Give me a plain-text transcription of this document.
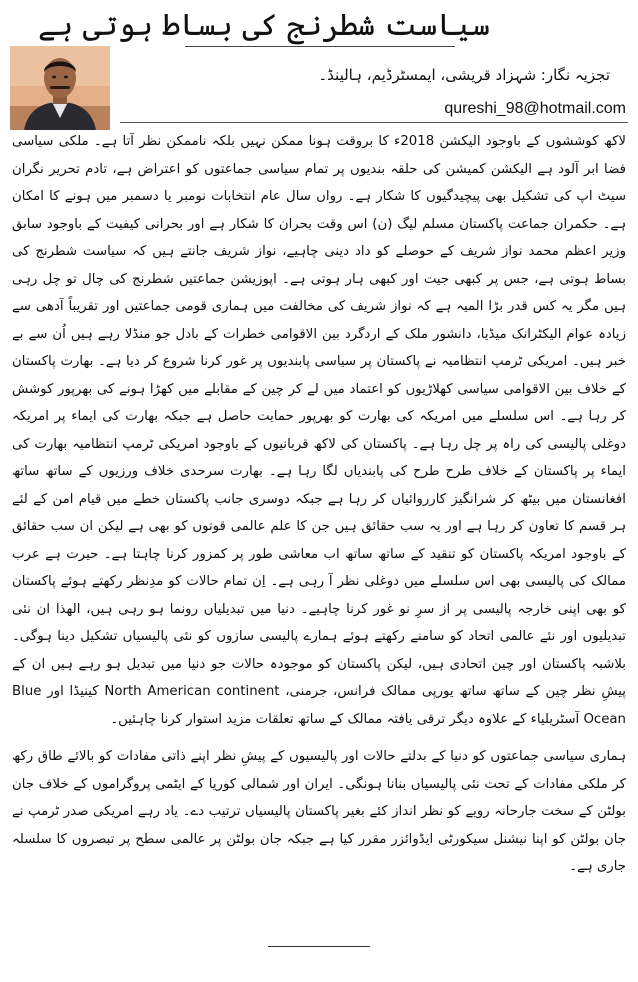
سیاست شطرنج کی بساط ہوتی ہے
تجزیہ نگار: شہزاد قریشی، ایمسٹرڈیم، ہالینڈ۔
qureshi_98@hotmail.com

لاکھ کوششوں کے باوجود الیکشن 2018ء کا بروقت ہونا ممکن نہیں بلکہ ناممکن نظر آتا ہے۔ ملکی سیاسی فضا ابر آلود ہے الیکشن کمیشن کی حلقہ بندیوں پر تمام سیاسی جماعتوں کو اعتراض ہے، تادم تحریر نگران سیٹ اپ کی تشکیل بھی پیچیدگیوں کا شکار ہے۔ رواں سال عام انتخابات نومبر یا دسمبر میں ہونے کا امکان ہے۔ حکمران جماعت پاکستان مسلم لیگ (ن) اس وقت بحران کا شکار ہے اور بحرانی کیفیت کے باوجود سابق وزیر اعظم محمد نواز شریف کے حوصلے کو داد دینی چاہیے، نواز شریف جانتے ہیں کہ سیاست شطرنج کی بساط ہوتی ہے، جس پر کبھی جیت اور کبھی ہار ہوتی ہے۔ اپوزیشن جماعتیں شطرنج کی چال تو چل رہی ہیں مگر یہ کس قدر بڑا المیہ ہے کہ نواز شریف کی مخالفت میں ہماری قومی جماعتیں اور تقریباً آدھی سے زیادہ عوام الیکٹرانک میڈیا، دانشور ملک کے اردگرد بین الاقوامی خطرات کے بادل جو منڈلا رہے ہیں اُن سے بے خبر ہیں۔ امریکی ٹرمپ انتظامیہ نے پاکستان پر سیاسی پابندیوں پر غور کرنا شروع کر دیا ہے۔ بھارت پاکستان کے خلاف بین الاقوامی سیاسی کھلاڑیوں کو اعتماد میں لے کر چین کے مقابلے میں کھڑا ہونے کی بھرپور کوشش کر رہا ہے۔ اس سلسلے میں امریکہ کی بھارت کو بھرپور حمایت حاصل ہے جبکہ بھارت کی ایماء پر امریکہ دوغلی پالیسی کی راہ پر چل رہا ہے۔ پاکستان کی لاکھ قربانیوں کے باوجود امریکی ٹرمپ انتظامیہ بھارت کی ایماء پر پاکستان کے خلاف طرح طرح کی پابندیاں لگا رہا ہے۔ بھارت سرحدی خلاف ورزیوں کے ساتھ ساتھ افغانستان میں بیٹھ کر شرانگیز کارروائیاں کر رہا ہے جبکہ دوسری جانب پاکستان خطے میں قیام امن کے لئے ہر قسم کا تعاون کر رہا ہے اور یہ سب حقائق ہیں جن کا علم عالمی قوتوں کو بھی ہے لیکن ان سب حقائق کے باوجود امریکہ پاکستان کو تنقید کے ساتھ ساتھ اب معاشی طور پر کمزور کرنا چاہتا ہے۔ حیرت ہے عرب ممالک کی پالیسی بھی اس سلسلے میں دوغلی نظر آ رہی ہے۔ اِن تمام حالات کو مدِنظر رکھتے ہوئے پاکستان کو بھی اپنی خارجہ پالیسی پر از سرِ نو غور کرنا چاہیے۔ دنیا میں تبدیلیاں رونما ہو رہی ہیں، الھذا ان نئی تبدیلیوں اور نئے عالمی اتحاد کو سامنے رکھتے ہوئے ہمارے پالیسی سازوں کو نئی پالیسیاں تشکیل دینا ہوگی۔ بلاشبہ پاکستان اور چین اتحادی ہیں، لیکن پاکستان کو موجودہ حالات جو دنیا میں تبدیل ہو رہے ہیں ان کے پیشِ نظر چین کے ساتھ ساتھ یورپی ممالک فرانس، جرمنی، North American continent کینیڈا اور Blue Ocean آسٹریلیاء کے علاوہ دیگر ترقی یافتہ ممالک کے ساتھ تعلقات مزید استوار کرنا چاہئیں۔

ہماری سیاسی جماعتوں کو دنیا کے بدلتے حالات اور پالیسیوں کے پیشِ نظر اپنے ذاتی مفادات کو بالائے طاق رکھ کر ملکی مفادات کے تحت نئی پالیسیاں بنانا ہونگی۔ ایران اور شمالی کوریا کے ایٹمی پروگراموں کے خلاف جان بولٹن کے سخت جارحانہ رویے کو نظر انداز کئے بغیر پاکستان پالیسیاں ترتیب دے۔ یاد رہے امریکی صدر ٹرمپ نے جان بولٹن کو اپنا نیشنل سیکورٹی ایڈوائزر مقرر کیا ہے جبکہ جان بولٹن پر عالمی سطح پر تبصروں کا سلسلہ جاری ہے۔
